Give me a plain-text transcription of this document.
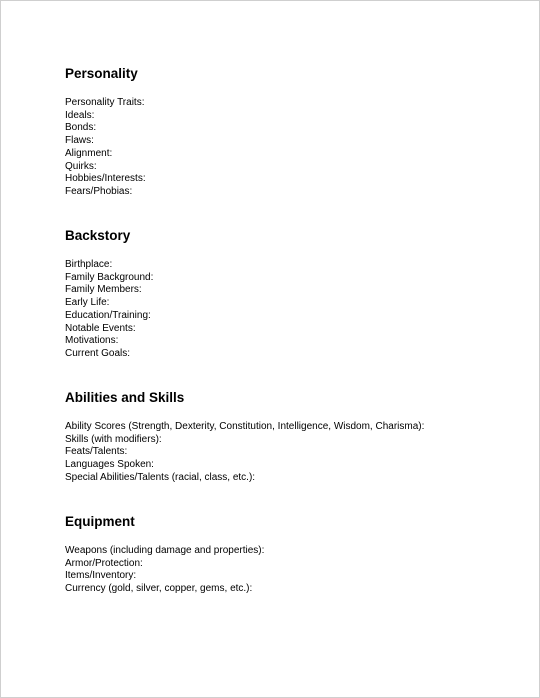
Personality
Personality Traits:
Ideals:
Bonds:
Flaws:
Alignment:
Quirks:
Hobbies/Interests:
Fears/Phobias:
Backstory
Birthplace:
Family Background:
Family Members:
Early Life:
Education/Training:
Notable Events:
Motivations:
Current Goals:
Abilities and Skills
Ability Scores (Strength, Dexterity, Constitution, Intelligence, Wisdom, Charisma):
Skills (with modifiers):
Feats/Talents:
Languages Spoken:
Special Abilities/Talents (racial, class, etc.):
Equipment
Weapons (including damage and properties):
Armor/Protection:
Items/Inventory:
Currency (gold, silver, copper, gems, etc.):
